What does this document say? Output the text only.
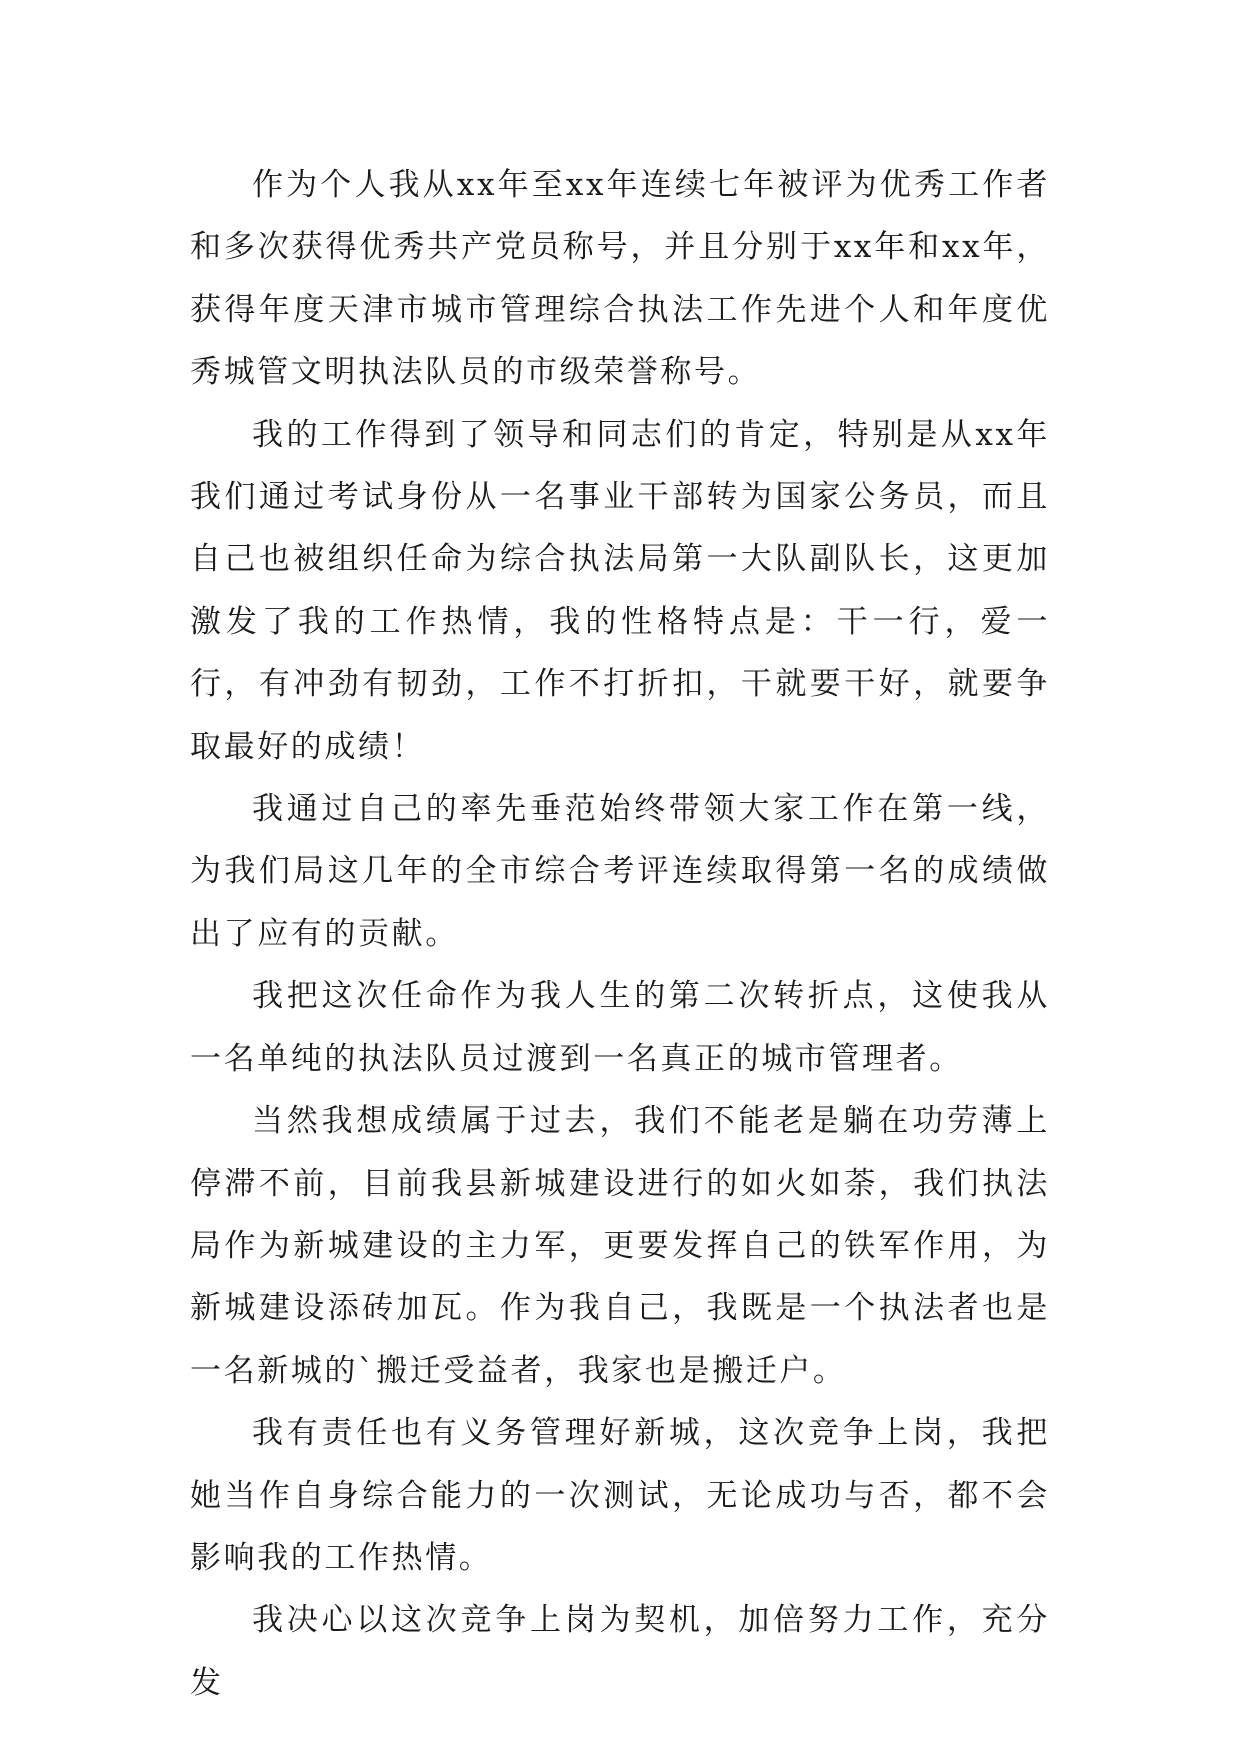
作为个人我从xx年至xx年连续七年被评为优秀工作者和多次获得优秀共产党员称号，并且分别于xx年和xx年，获得年度天津市城市管理综合执法工作先进个人和年度优秀城管文明执法队员的市级荣誉称号。

我的工作得到了领导和同志们的肯定，特别是从xx年我们通过考试身份从一名事业干部转为国家公务员，而且自己也被组织任命为综合执法局第一大队副队长，这更加激发了我的工作热情，我的性格特点是：干一行，爱一行，有冲劲有韧劲，工作不打折扣，干就要干好，就要争取最好的成绩！

我通过自己的率先垂范始终带领大家工作在第一线，为我们局这几年的全市综合考评连续取得第一名的成绩做出了应有的贡献。

我把这次任命作为我人生的第二次转折点，这使我从一名单纯的执法队员过渡到一名真正的城市管理者。

当然我想成绩属于过去，我们不能老是躺在功劳薄上停滞不前，目前我县新城建设进行的如火如荼，我们执法局作为新城建设的主力军，更要发挥自己的铁军作用，为新城建设添砖加瓦。作为我自己，我既是一个执法者也是一名新城的`搬迁受益者，我家也是搬迁户。

我有责任也有义务管理好新城，这次竞争上岗，我把她当作自身综合能力的一次测试，无论成功与否，都不会影响我的工作热情。

我决心以这次竞争上岗为契机，加倍努力工作，充分发
